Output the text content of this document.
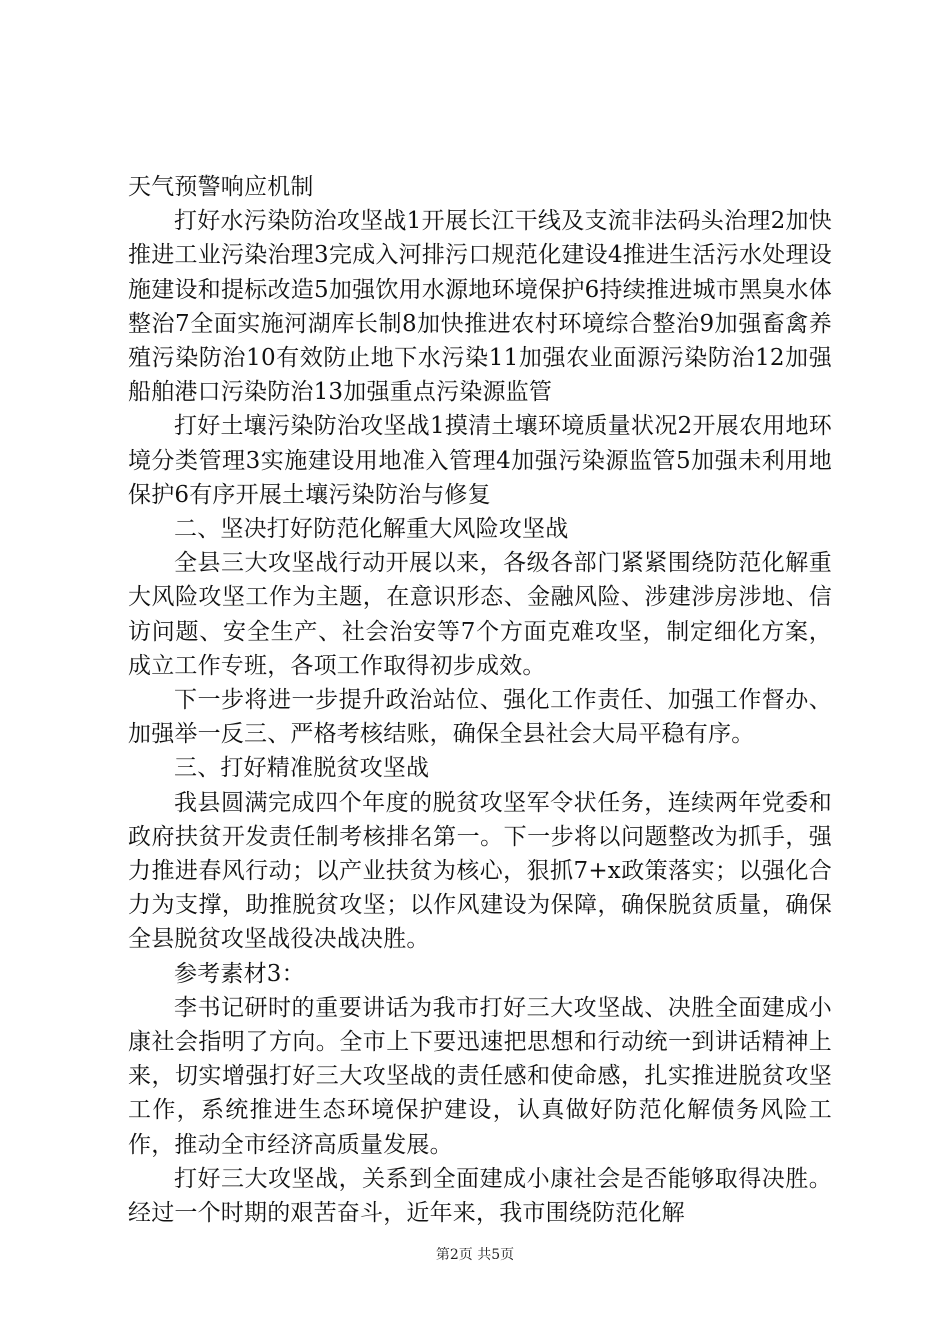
天气预警响应机制

打好水污染防治攻坚战1开展长江干线及支流非法码头治理2加快推进工业污染治理3完成入河排污口规范化建设4推进生活污水处理设施建设和提标改造5加强饮用水源地环境保护6持续推进城市黑臭水体整治7全面实施河湖库长制8加快推进农村环境综合整治9加强畜禽养殖污染防治10有效防止地下水污染11加强农业面源污染防治12加强船舶港口污染防治13加强重点污染源监管

打好土壤污染防治攻坚战1摸清土壤环境质量状况2开展农用地环境分类管理3实施建设用地准入管理4加强污染源监管5加强未利用地保护6有序开展土壤污染防治与修复

二、坚决打好防范化解重大风险攻坚战

全县三大攻坚战行动开展以来，各级各部门紧紧围绕防范化解重大风险攻坚工作为主题，在意识形态、金融风险、涉建涉房涉地、信访问题、安全生产、社会治安等7个方面克难攻坚，制定细化方案，成立工作专班，各项工作取得初步成效。

下一步将进一步提升政治站位、强化工作责任、加强工作督办、加强举一反三、严格考核结账，确保全县社会大局平稳有序。

三、打好精准脱贫攻坚战

我县圆满完成四个年度的脱贫攻坚军令状任务，连续两年党委和政府扶贫开发责任制考核排名第一。下一步将以问题整改为抓手，强力推进春风行动；以产业扶贫为核心，狠抓7+x政策落实；以强化合力为支撑，助推脱贫攻坚；以作风建设为保障，确保脱贫质量，确保全县脱贫攻坚战役决战决胜。

参考素材3：

李书记研时的重要讲话为我市打好三大攻坚战、决胜全面建成小康社会指明了方向。全市上下要迅速把思想和行动统一到讲话精神上来，切实增强打好三大攻坚战的责任感和使命感，扎实推进脱贫攻坚工作，系统推进生态环境保护建设，认真做好防范化解债务风险工作，推动全市经济高质量发展。

打好三大攻坚战，关系到全面建成小康社会是否能够取得决胜。经过一个时期的艰苦奋斗，近年来，我市围绕防范化解

第2页 共5页
